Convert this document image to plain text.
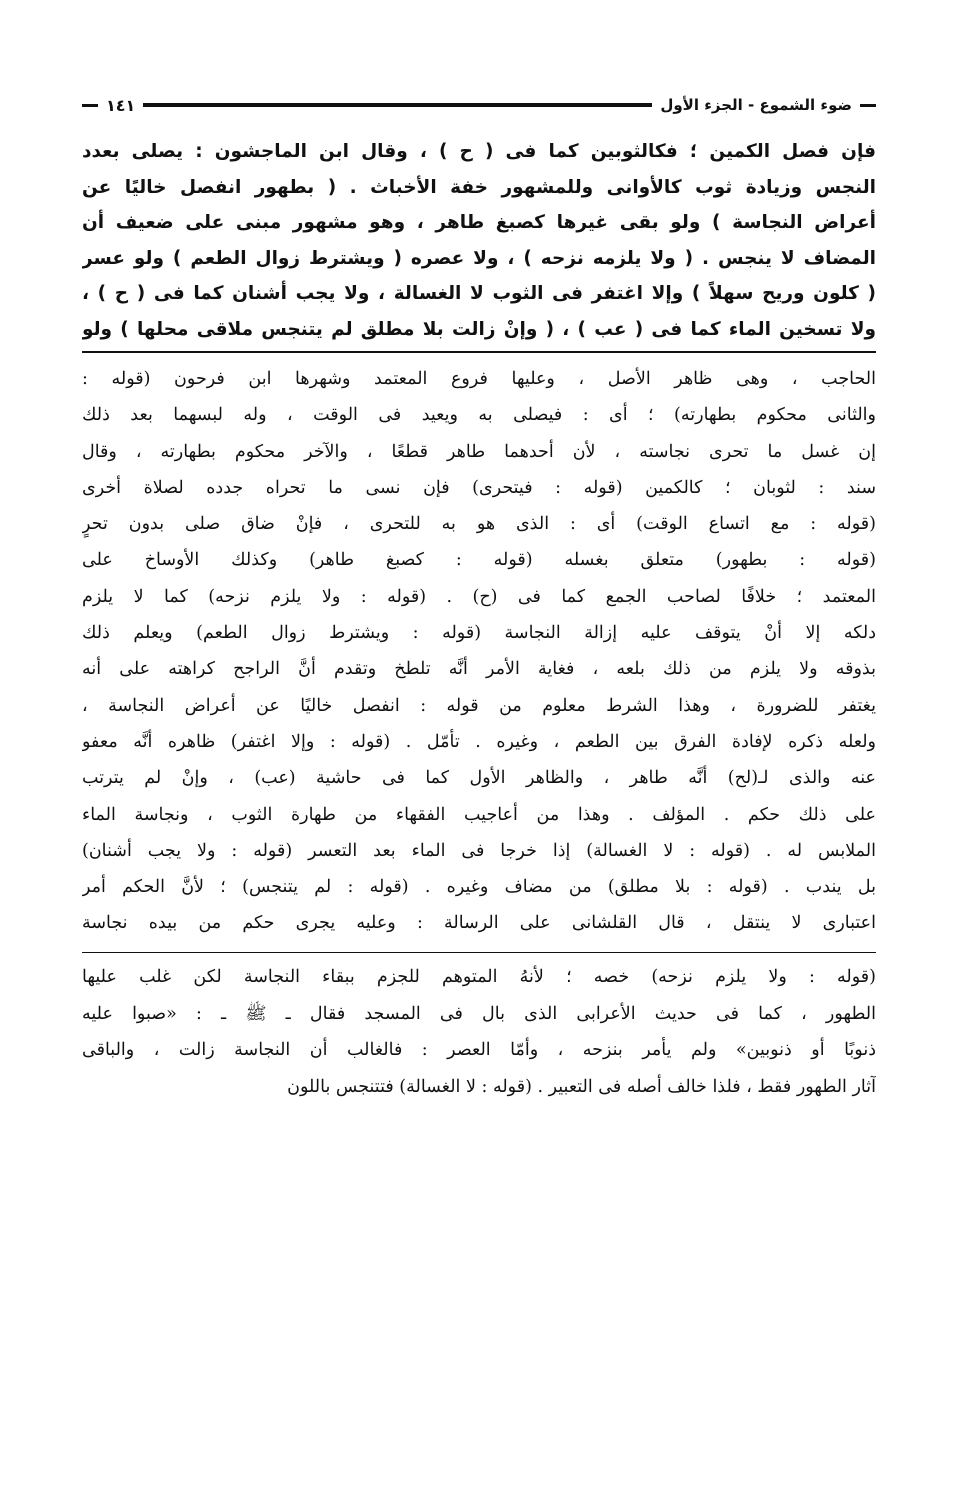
ضوء الشموع - الجزء الأول
١٤١
فإن فصل الكمين ؛ فكالثوبين كما فى ( ح ) ، وقال ابن الماجشون : يصلى بعدد
النجس وزيادة ثوب كالأوانى وللمشهور خفة الأخباث . ( بطهور انفصل خاليًا عن
أعراض النجاسة ) ولو بقى غيرها كصبغ طاهر ، وهو مشهور مبنى على ضعيف أن
المضاف لا ينجس . ( ولا يلزمه نزحه ) ، ولا عصره ( ويشترط زوال الطعم ) ولو عسر
( كلون وريح سهلاً ) وإلا اغتفر فى الثوب لا الغسالة ، ولا يجب أشنان كما فى ( ح ) ،
ولا تسخين الماء كما فى ( عب ) ، ( وإنْ زالت بلا مطلق لم يتنجس ملاقى محلها ) ولو
الحاجب ، وهى ظاهر الأصل ، وعليها فروع المعتمد وشهرها ابن فرحون (قوله :
والثانى محكوم بطهارته) ؛ أى : فيصلى به ويعيد فى الوقت ، وله لبسهما بعد ذلك
إن غسل ما تحرى نجاسته ، لأن أحدهما طاهر قطعًا ، والآخر محكوم بطهارته ، وقال
سند : لثوبان ؛ كالكمين (قوله : فيتحرى) فإن نسى ما تحراه جدده لصلاة أخرى
(قوله : مع اتساع الوقت) أى : الذى هو به للتحرى ، فإنْ ضاق صلى بدون تحرٍ
(قوله : بطهور) متعلق بغسله (قوله : كصبغ طاهر) وكذلك الأوساخ على
المعتمد ؛ خلافًا لصاحب الجمع كما فى (ح) . (قوله : ولا يلزم نزحه) كما لا يلزم
دلكه إلا أنْ يتوقف عليه إزالة النجاسة (قوله : ويشترط زوال الطعم) ويعلم ذلك
بذوقه ولا يلزم من ذلك بلعه ، فغاية الأمر أنَّه تلطخ وتقدم أنَّ الراجح كراهته على أنه
يغتفر للضرورة ، وهذا الشرط معلوم من قوله : انفصل خاليًا عن أعراض النجاسة ،
ولعله ذكره لإفادة الفرق بين الطعم ، وغيره . تأمّل . (قوله : وإلا اغتفر) ظاهره أنَّه معفو
عنه والذى لـ(لح) أنَّه طاهر ، والظاهر الأول كما فى حاشية (عب) ، وإنْ لم يترتب
على ذلك حكم . المؤلف . وهذا من أعاجيب الفقهاء من طهارة الثوب ، ونجاسة الماء
الملابس له . (قوله : لا الغسالة) إذا خرجا فى الماء بعد التعسر (قوله : ولا يجب أشنان)
بل يندب . (قوله : بلا مطلق) من مضاف وغيره . (قوله : لم يتنجس) ؛ لأنَّ الحكم أمر
اعتبارى لا ينتقل ، قال القلشانى على الرسالة : وعليه يجرى حكم من بيده نجاسة
(قوله : ولا يلزم نزحه) خصه ؛ لأنهُ المتوهم للجزم ببقاء النجاسة لكن غلب عليها
الطهور ، كما فى حديث الأعرابى الذى بال فى المسجد فقال ـ ﷺ ـ : «صبوا عليه
ذنوبًا أو ذنوبين» ولم يأمر بنزحه ، وأمّا العصر : فالغالب أن النجاسة زالت ، والباقى
آثار الطهور فقط ، فلذا خالف أصله فى التعبير . (قوله : لا الغسالة) فتتنجس باللون
